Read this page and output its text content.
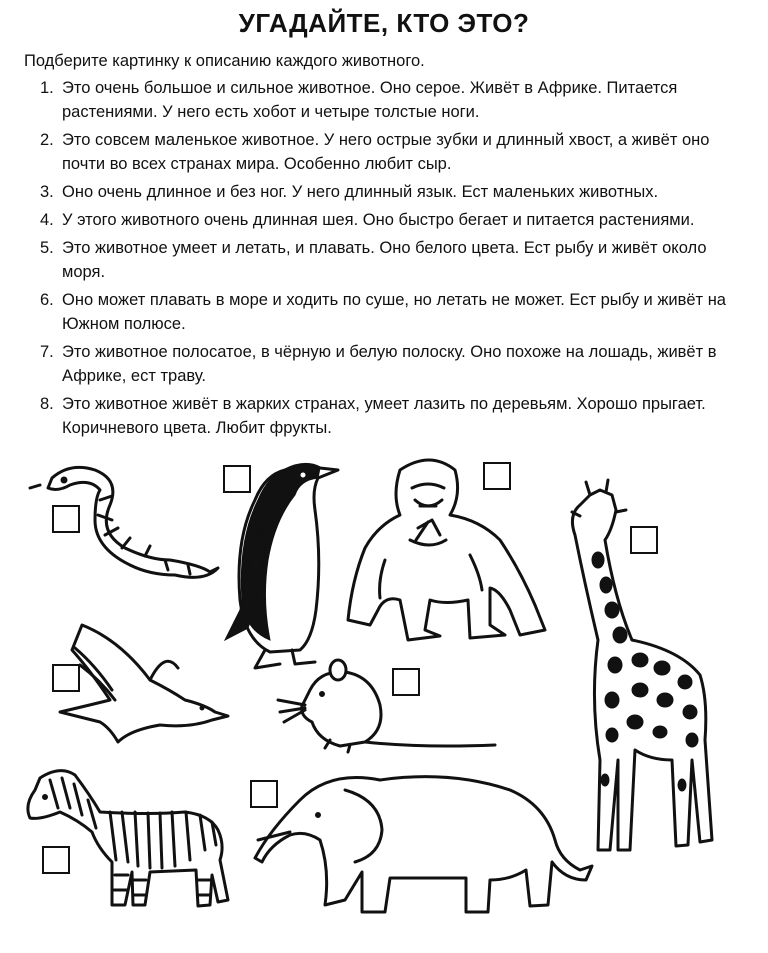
УГАДАЙТЕ, КТО ЭТО?
Подберите картинку к описанию каждого животного.
1. Это очень большое и сильное животное. Оно серое. Живёт в Африке. Питается растениями. У него есть хобот и четыре толстые ноги.
2. Это совсем маленькое животное. У него острые зубки и длинный хвост, а живёт оно почти во всех странах мира. Особенно любит сыр.
3. Оно очень длинное и без ног. У него длинный язык. Ест маленьких животных.
4. У этого животного очень длинная шея. Оно быстро бегает и питается растениями.
5. Это животное умеет и летать, и плавать. Оно белого цвета. Ест рыбу и живёт около моря.
6. Оно может плавать в море и ходить по суше, но летать не может. Ест рыбу и живёт на Южном полюсе.
7. Это животное полосатое, в чёрную и белую полоску. Оно похоже на лошадь, живёт в Африке, ест траву.
8. Это животное живёт в жарких странах, умеет лазить по деревьям. Хорошо прыгает. Коричневого цвета. Любит фрукты.
